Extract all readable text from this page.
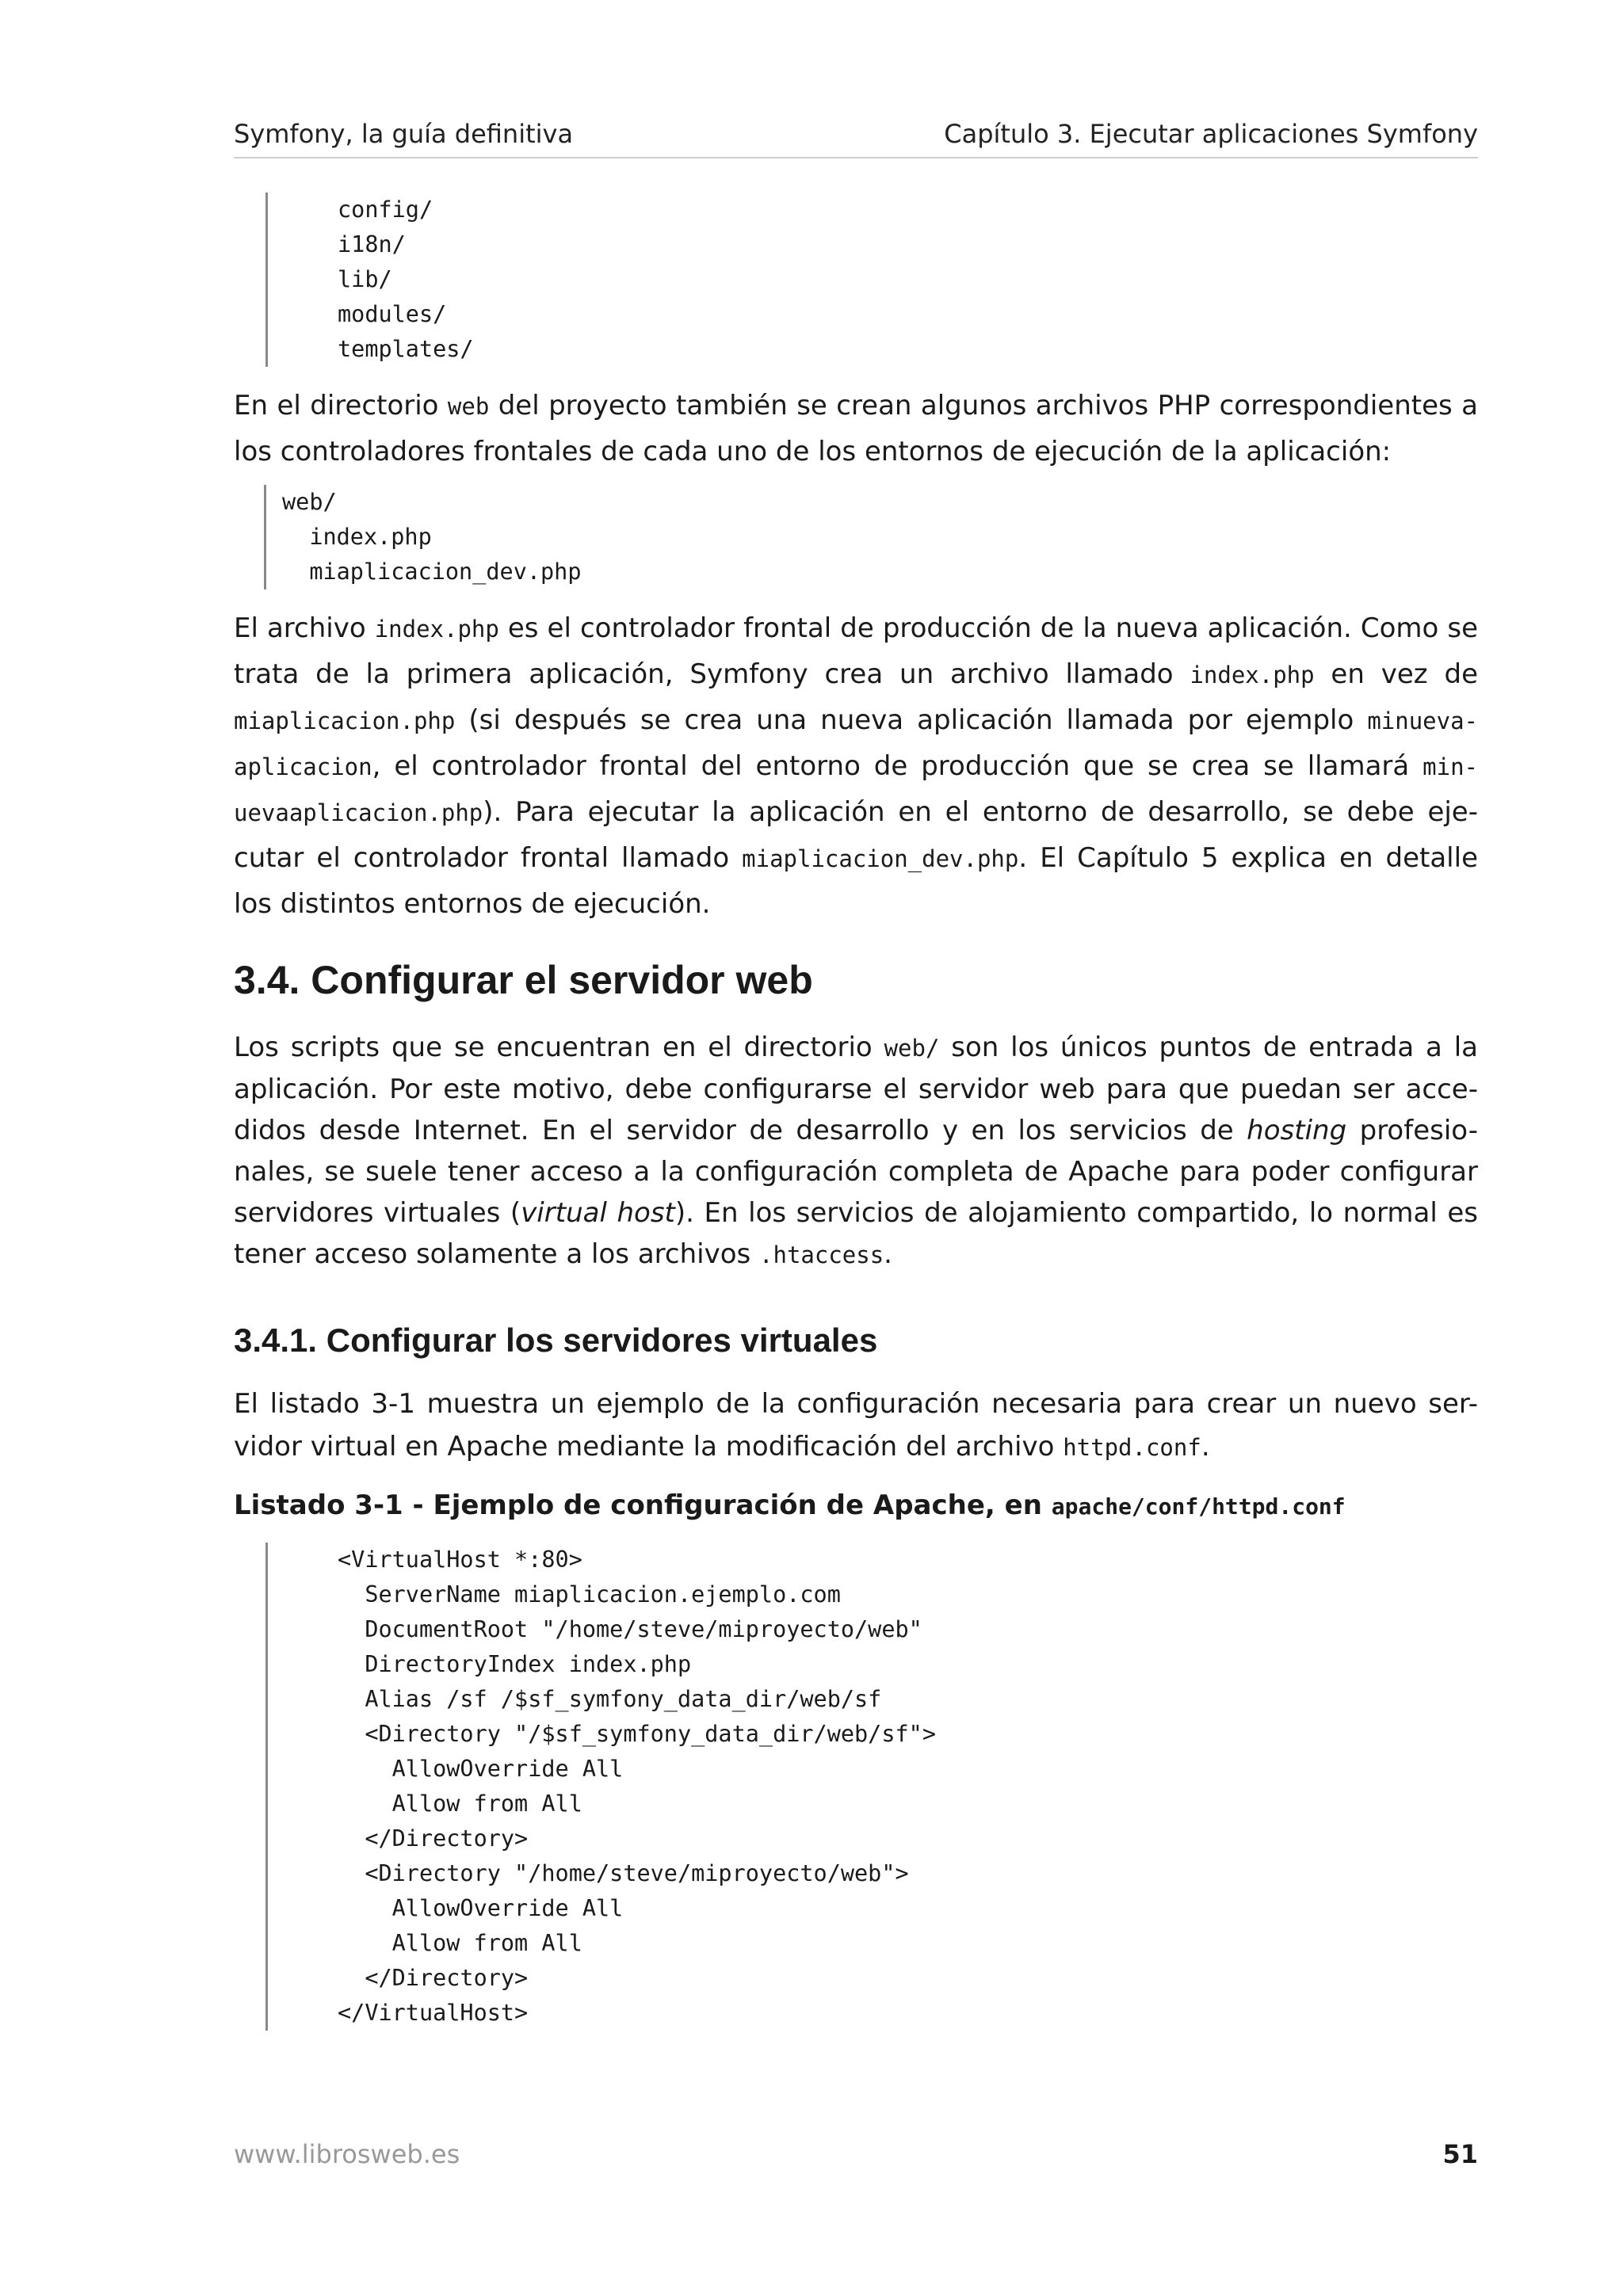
Symfony, la guía definitiva	Capítulo 3. Ejecutar aplicaciones Symfony
config/
i18n/
lib/
modules/
templates/
En el directorio web del proyecto también se crean algunos archivos PHP correspondientes a los controladores frontales de cada uno de los entornos de ejecución de la aplicación:
web/
index.php
miaplicacion_dev.php
El archivo index.php es el controlador frontal de producción de la nueva aplicación. Como se trata de la primera aplicación, Symfony crea un archivo llamado index.php en vez de miaplicacion.php (si después se crea una nueva aplicación llamada por ejemplo minueva-aplicacion, el controlador frontal del entorno de producción que se crea se llamará min-uevaaplicacion.php). Para ejecutar la aplicación en el entorno de desarrollo, se debe eje-cutar el controlador frontal llamado miaplicacion_dev.php. El Capítulo 5 explica en detalle los distintos entornos de ejecución.
3.4. Configurar el servidor web
Los scripts que se encuentran en el directorio web/ son los únicos puntos de entrada a la aplicación. Por este motivo, debe configurarse el servidor web para que puedan ser acce-didos desde Internet. En el servidor de desarrollo y en los servicios de hosting profesio-nales, se suele tener acceso a la configuración completa de Apache para poder configurar servidores virtuales (virtual host). En los servicios de alojamiento compartido, lo normal es tener acceso solamente a los archivos .htaccess.
3.4.1. Configurar los servidores virtuales
El listado 3-1 muestra un ejemplo de la configuración necesaria para crear un nuevo ser-vidor virtual en Apache mediante la modificación del archivo httpd.conf.
Listado 3-1 - Ejemplo de configuración de Apache, en apache/conf/httpd.conf
<VirtualHost *:80>
ServerName miaplicacion.ejemplo.com
DocumentRoot "/home/steve/miproyecto/web"
DirectoryIndex index.php
Alias /sf /$sf_symfony_data_dir/web/sf
<Directory "/$sf_symfony_data_dir/web/sf">
AllowOverride All
Allow from All
</Directory>
<Directory "/home/steve/miproyecto/web">
AllowOverride All
Allow from All
</Directory>
</VirtualHost>
www.librosweb.es	51
